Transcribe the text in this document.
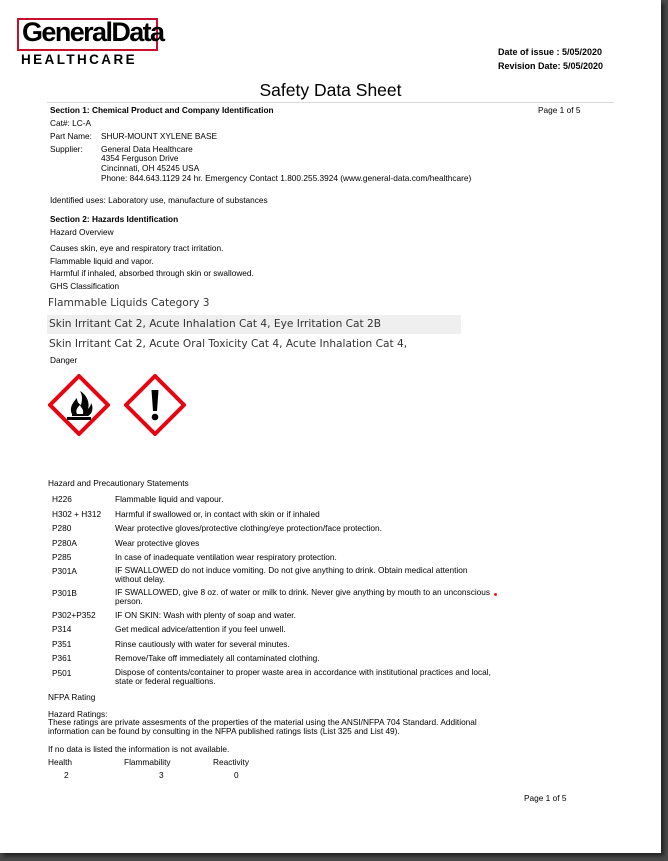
GeneralData
HEALTHCARE	Date of issue : 5/05/2020
Revision Date: 5/05/2020
Safety Data Sheet
Section 1: Chemical Product and Company Identification	Page 1 of 5
Cat#: LC-A
Part Name: SHUR-MOUNT XYLENE BASE
Supplier: General Data Healthcare
4354 Ferguson Drive
Cincinnati, OH 45245 USA
Phone: 844.643.1129 24 hr. Emergency Contact 1.800.255.3924 (www.general-data.com/healthcare)
Identified uses: Laboratory use, manufacture of substances
Section 2: Hazards Identification
Hazard Overview
Causes skin, eye and respiratory tract irritation.
Flammable liquid and vapor.
Harmful if inhaled, absorbed through skin or swallowed.
GHS Classification
Flammable Liquids Category 3
Skin Irritant Cat 2, Acute Inhalation Cat 4, Eye Irritation Cat 2B
Skin Irritant Cat 2, Acute Oral Toxicity Cat 4, Acute Inhalation Cat 4,
Danger
Hazard and Precautionary Statements
H226	Flammable liquid and vapour.
H302 + H312 Harmful if swallowed or, in contact with skin or if inhaled
P280	Wear protective gloves/protective clothing/eye protection/face protection.
P280A	Wear protective gloves
P285	In case of inadequate ventilation wear respiratory protection.
P301A	IF SWALLOWED do not induce vomiting. Do not give anything to drink. Obtain medical attention without delay.
P301B	IF SWALLOWED, give 8 oz. of water or milk to drink. Never give anything by mouth to an unconscious person.
P302+P352 IF ON SKIN: Wash with plenty of soap and water.
P314	Get medical advice/attention if you feel unwell.
P351	Rinse cautiously with water for several minutes.
P361	Remove/Take off immediately all contaminated clothing.
P501	Dispose of contents/container to proper waste area in accordance with institutional practices and local, state or federal regualtions.
NFPA Rating
Hazard Ratings:
These ratings are private assesments of the properties of the material using the ANSI/NFPA 704 Standard. Additional information can be found by consulting in the NFPA published ratings lists (List 325 and List 49).
If no data is listed the information is not available.
Health	Flammability	Reactivity
2	3	0
Page 1 of 5
